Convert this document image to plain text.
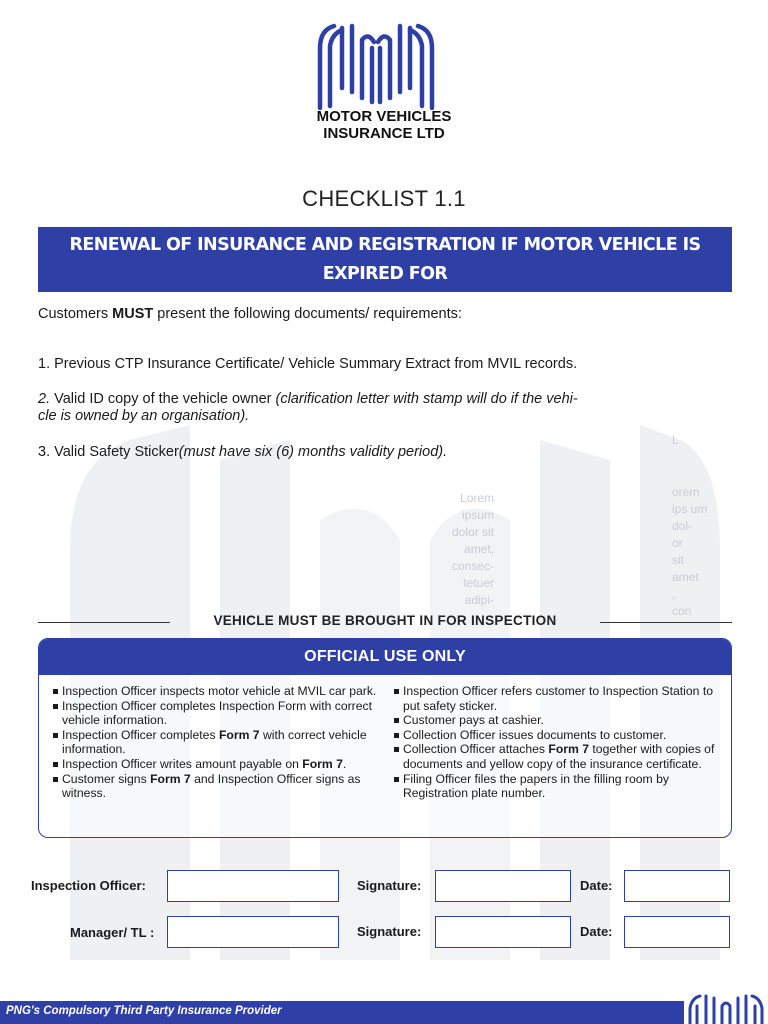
Lorem
ipsum
dolor sit
amet,
consec-
tetuer
adipi-
L
orem
ips um
dol-
or
sit
amet
,
con
MOTOR VEHICLES
INSURANCE LTD
CHECKLIST 1.1
RENEWAL OF INSURANCE AND REGISTRATION IF MOTOR VEHICLE IS EXPIRED FOR
MORE THAN ONE (1) YEAR
Customers MUST present the following documents/ requirements:
1. Previous CTP Insurance Certificate/ Vehicle Summary Extract from MVIL records.
2. Valid ID copy of the vehicle owner (clarification letter with stamp will do if the vehi-
cle is owned by an organisation).
3. Valid Safety Sticker(must have six (6) months validity period).
VEHICLE MUST BE BROUGHT IN FOR INSPECTION
OFFICIAL USE ONLY
Inspection Officer inspects motor vehicle at MVIL car park.
Inspection Officer completes Inspection Form with correct vehicle information.
Inspection Officer completes Form 7 with correct vehicle information.
Inspection Officer writes amount payable on Form 7.
Customer signs Form 7 and Inspection Officer signs as witness.
Inspection Officer refers customer to Inspection Station to put safety sticker.
Customer pays at cashier.
Collection Officer issues documents to customer.
Collection Officer attaches Form 7 together with copies of documents and yellow copy of the insurance certificate.
Filing Officer files the papers in the filling room by Registration plate number.
Inspection Officer:	Signature:	Date:
Manager/ TL :	Signature:	Date:
PNG's Compulsory Third Party Insurance Provider
